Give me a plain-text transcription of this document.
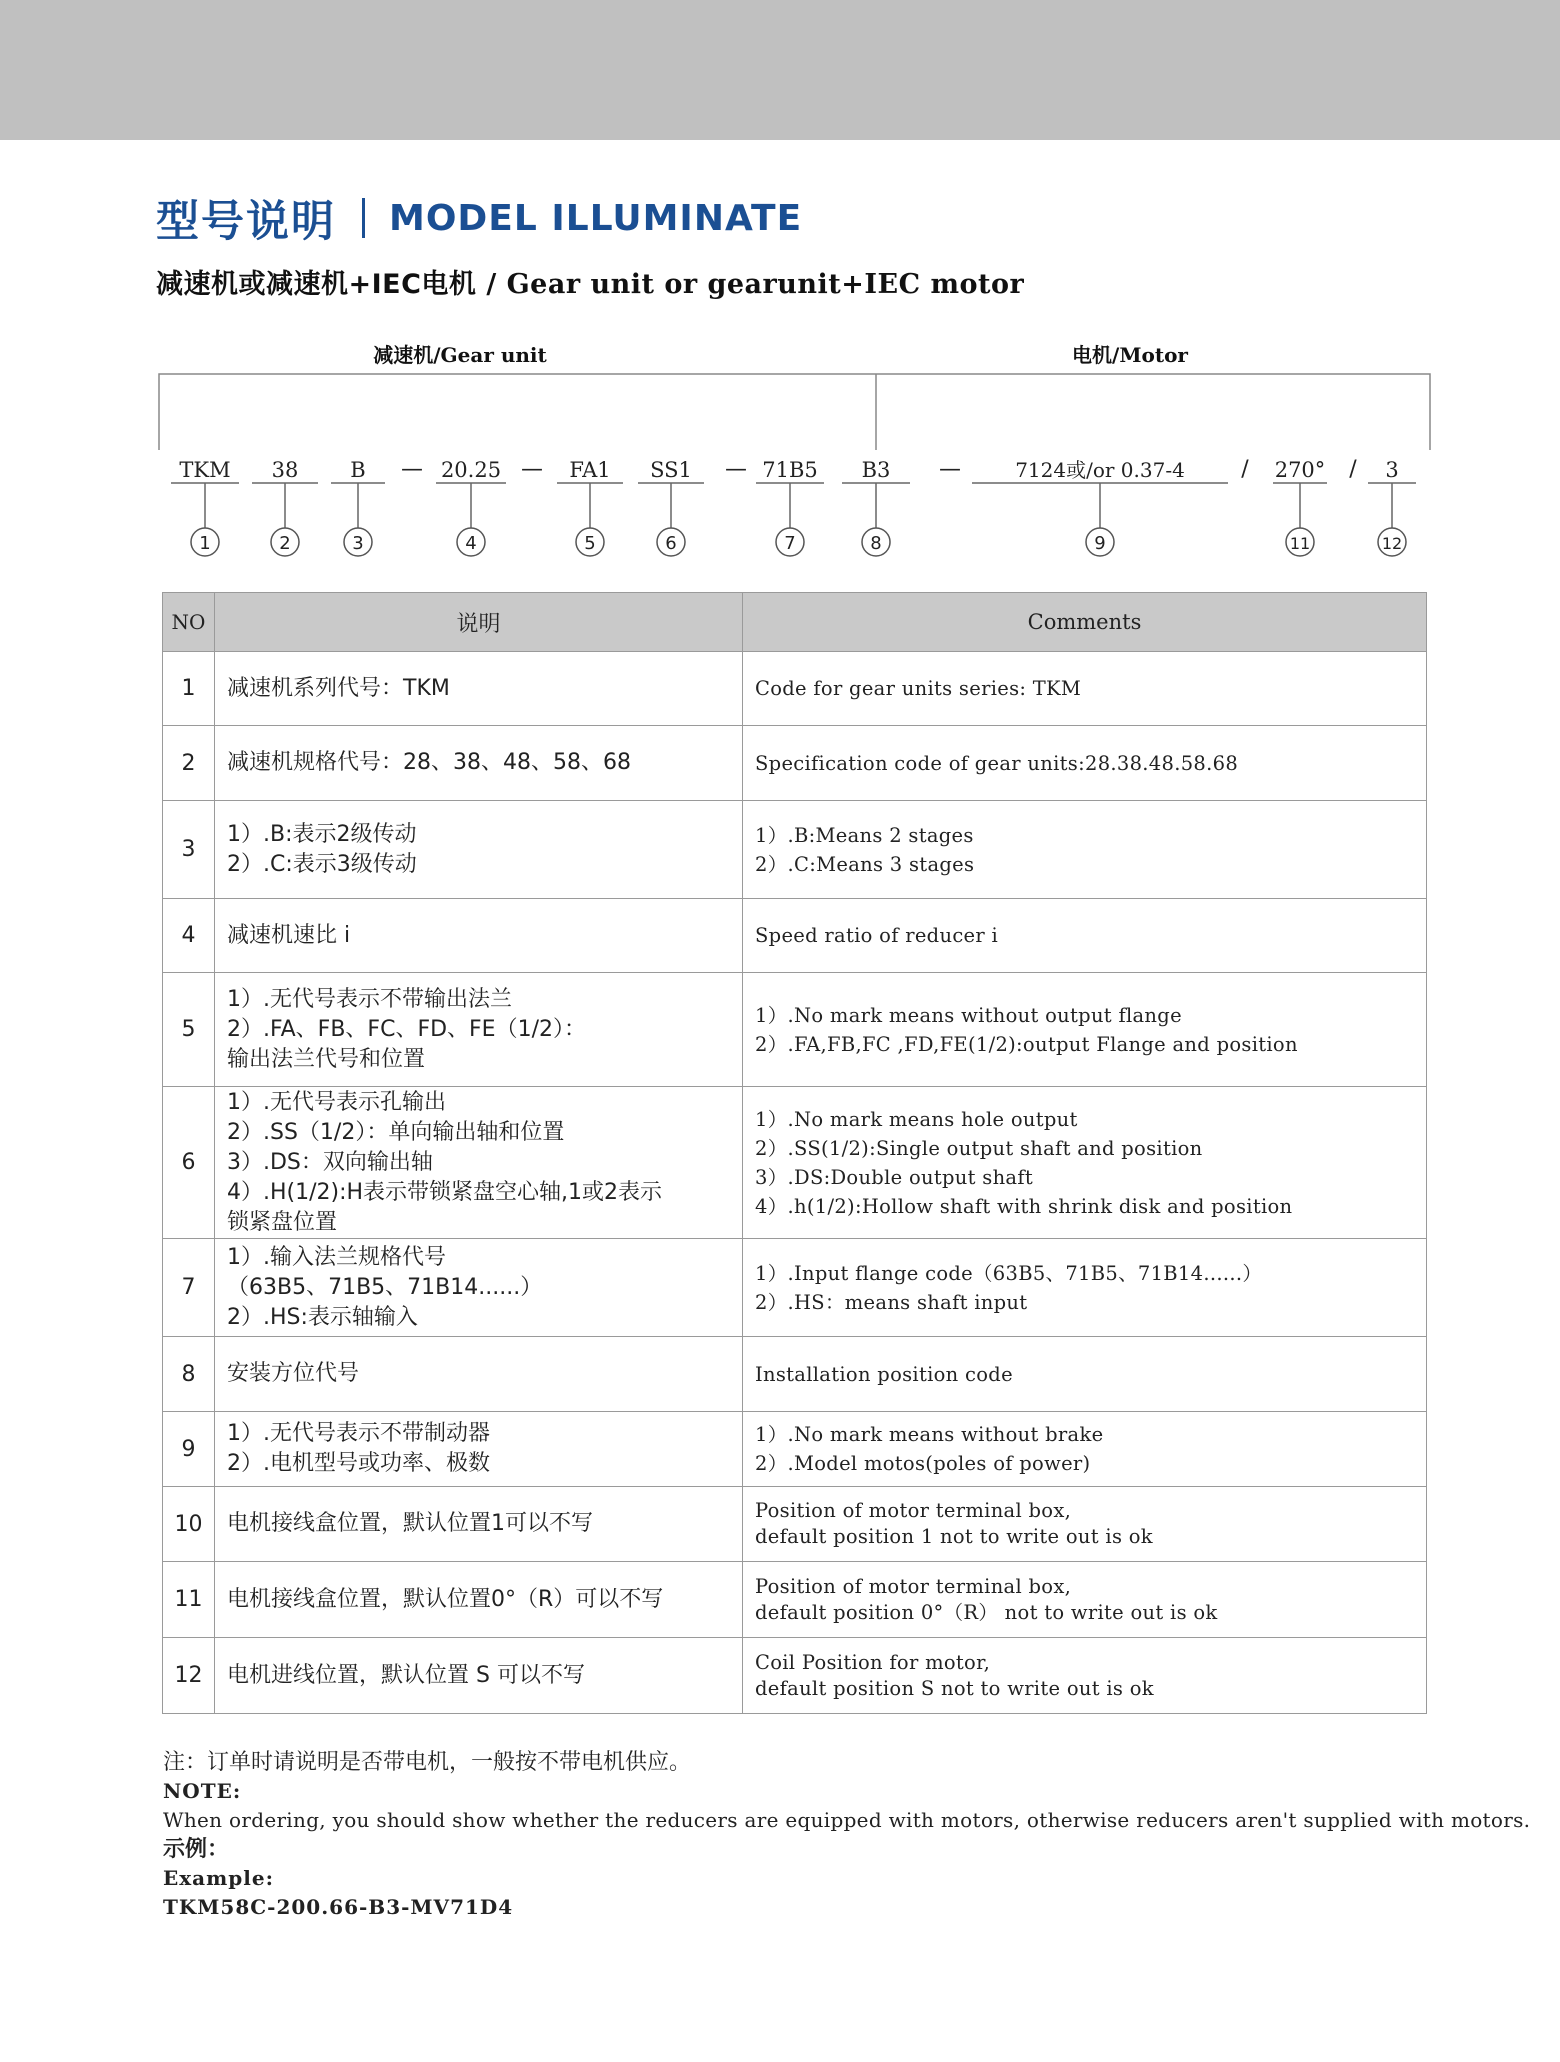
型号说明 MODEL ILLUMINATE
减速机或减速机+IEC电机 / Gear unit or gearunit+IEC motor
减速机/Gear unit	电机/Motor
TKM
1
38
2
B
3
20.25
4
FA1
5
SS1
6
71B5
7
B3
8
7124或/or 0.37-4
9
270°
11
3
12
—	—	—	—	/	/
NO	说明	Comments
1	减速机系列代号：TKM	Code for gear units series: TKM

2	减速机规格代号：28、38、48、58、68	Specification code of gear units:28.38.48.58.68

3	1）.B:表示2级传动
2）.C:表示3级传动	1）.B:Means 2 stages
2）.C:Means 3 stages

4	减速机速比 i	Speed ratio of reducer i

5	1）.无代号表示不带输出法兰
2）.FA、FB、FC、FD、FE（1/2）：
输出法兰代号和位置	1）.No mark means without output flange
2）.FA,FB,FC ,FD,FE(1/2):output Flange and position

6	1）.无代号表示孔输出
2）.SS（1/2）：单向输出轴和位置
3）.DS：双向输出轴
4）.H(1/2):H表示带锁紧盘空心轴,1或2表示
锁紧盘位置	1）.No mark means hole output
2）.SS(1/2):Single output shaft and position
3）.DS:Double output shaft
4）.h(1/2):Hollow shaft with shrink disk and position

7	1）.输入法兰规格代号
（63B5、71B5、71B14......）
2）.HS:表示轴输入	1）.Input flange code（63B5、71B5、71B14......）
2）.HS：means shaft input

8	安装方位代号	Installation position code

9	1）.无代号表示不带制动器
2）.电机型号或功率、极数	1）.No mark means without brake
2）.Model motos(poles of power)

10	电机接线盒位置，默认位置1可以不写	Position of motor terminal box,
default position 1 not to write out is ok

11	电机接线盒位置，默认位置0°（R）可以不写	Position of motor terminal box,
default position 0°（R） not to write out is ok

12	电机进线位置，默认位置 S 可以不写	Coil Position for motor,
default position S not to write out is ok
注：订单时请说明是否带电机，一般按不带电机供应。
NOTE:
When ordering, you should show whether the reducers are equipped with motors, otherwise reducers aren't supplied with motors.
示例：
Example:
TKM58C-200.66-B3-MV71D4
